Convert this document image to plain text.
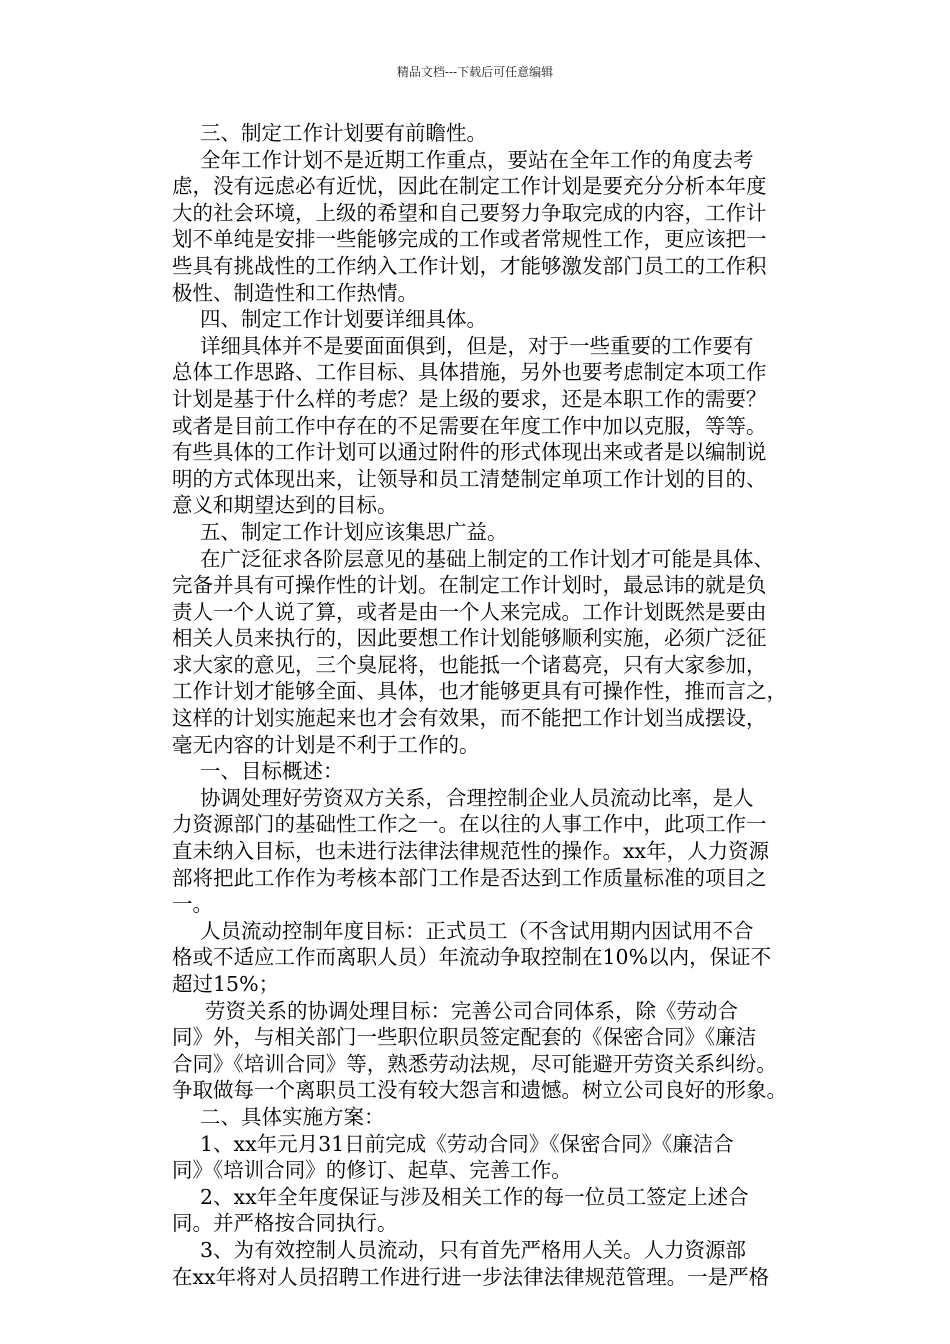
精品文档---下载后可任意编辑
三、制定工作计划要有前瞻性。
全年工作计划不是近期工作重点，要站在全年工作的角度去考
虑，没有远虑必有近忧，因此在制定工作计划是要充分分析本年度
大的社会环境，上级的希望和自己要努力争取完成的内容，工作计
划不单纯是安排一些能够完成的工作或者常规性工作，更应该把一
些具有挑战性的工作纳入工作计划，才能够激发部门员工的工作积
极性、制造性和工作热情。
四、制定工作计划要详细具体。
详细具体并不是要面面俱到，但是，对于一些重要的工作要有
总体工作思路、工作目标、具体措施，另外也要考虑制定本项工作
计划是基于什么样的考虑？是上级的要求，还是本职工作的需要？
或者是目前工作中存在的不足需要在年度工作中加以克服，等等。
有些具体的工作计划可以通过附件的形式体现出来或者是以编制说
明的方式体现出来，让领导和员工清楚制定单项工作计划的目的、
意义和期望达到的目标。
五、制定工作计划应该集思广益。
在广泛征求各阶层意见的基础上制定的工作计划才可能是具体、
完备并具有可操作性的计划。在制定工作计划时，最忌讳的就是负
责人一个人说了算，或者是由一个人来完成。工作计划既然是要由
相关人员来执行的，因此要想工作计划能够顺利实施，必须广泛征
求大家的意见，三个臭屁将，也能抵一个诸葛亮，只有大家参加，
工作计划才能够全面、具体，也才能够更具有可操作性，推而言之，
这样的计划实施起来也才会有效果，而不能把工作计划当成摆设，
毫无内容的计划是不利于工作的。
一、目标概述：
协调处理好劳资双方关系，合理控制企业人员流动比率，是人
力资源部门的基础性工作之一。在以往的人事工作中，此项工作一
直未纳入目标，也未进行法律法律规范性的操作。xx年，人力资源
部将把此工作作为考核本部门工作是否达到工作质量标准的项目之
一。
人员流动控制年度目标：正式员工（不含试用期内因试用不合
格或不适应工作而离职人员）年流动争取控制在10%以内，保证不
超过15%；
劳资关系的协调处理目标：完善公司合同体系，除《劳动合
同》外，与相关部门一些职位职员签定配套的《保密合同》《廉洁
合同》《培训合同》等，熟悉劳动法规，尽可能避开劳资关系纠纷。
争取做每一个离职员工没有较大怨言和遗憾。树立公司良好的形象。
二、具体实施方案：
1、xx年元月31日前完成《劳动合同》《保密合同》《廉洁合
同》《培训合同》的修订、起草、完善工作。
2、xx年全年度保证与涉及相关工作的每一位员工签定上述合
同。并严格按合同执行。
3、为有效控制人员流动，只有首先严格用人关。人力资源部
在xx年将对人员招聘工作进行进一步法律法律规范管理。一是严格
